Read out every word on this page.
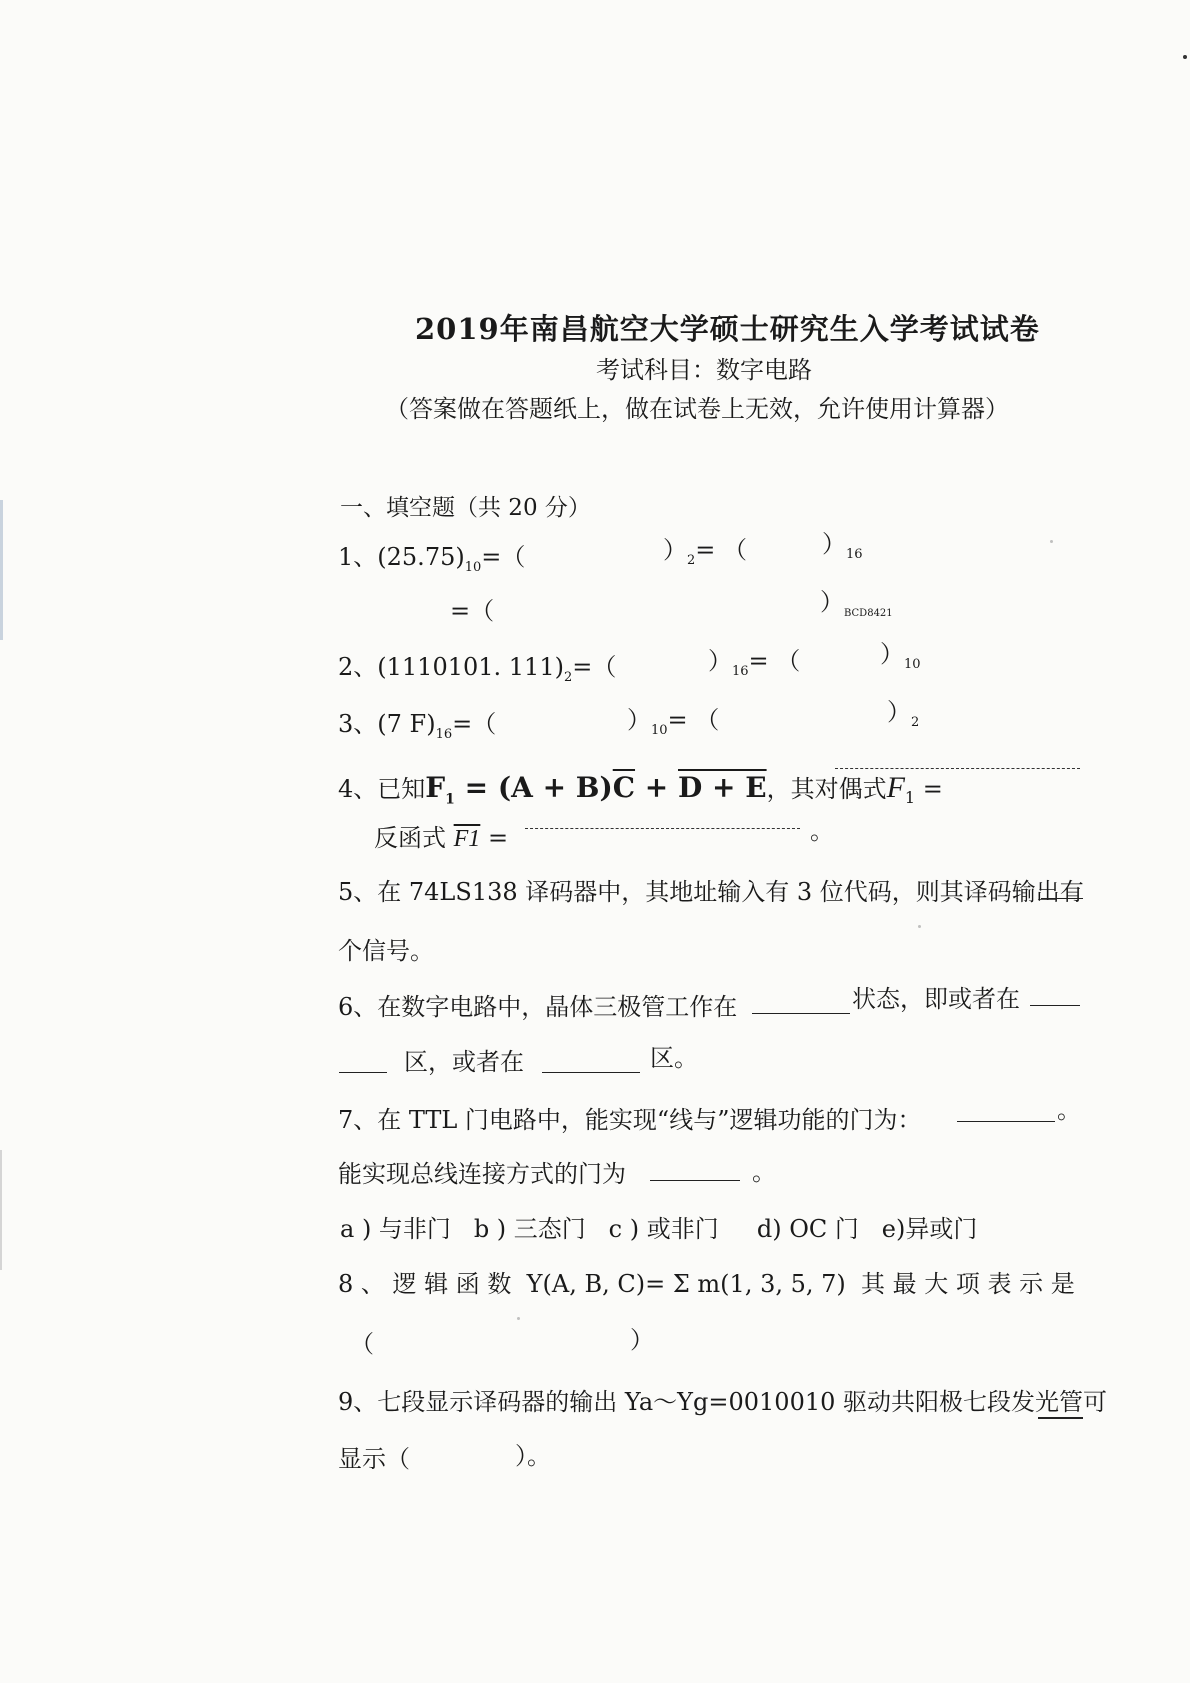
2019年南昌航空大学硕士研究生入学考试试卷
考试科目：数字电路
（答案做在答题纸上，做在试卷上无效，允许使用计算器）
一、填空题（共 20 分）
1、$(25.75)_{10}=$（	）$_2=$ （	）$_{16}$
=（	）$_{BCD8421}$
2、(1110101. $111)_2=$（	）$_{16}=$ （	）$_{10}$
3、(7 $F)_{16}=$（	）$_{10}=$ （	）$_2$
4、已知$F_1 = (A + B)\overline{C} + D + E$，其对偶式$F_1$ =
反函式 F1 =	。
5、在 74LS138 译码器中，其地址输入有 3 位代码，则其译码输出有
个信号。
6、在数字电路中，晶体三极管工作在	状态，即或者在
区，或者在	区。
7、在 TTL 门电路中，能实现“线与”逻辑功能的门为：	。
能实现总线连接方式的门为	。
a ) 与非门   b ) 三态门   c ) 或非门     d) OC 门   e)异或门
8 、 逻 辑 函 数  Y(A, B, C)= Σ m(1, 3, 5, 7)  其 最 大 项 表 示 是
（	）
9、七段显示译码器的输出 Ya～Yg=0010010 驱动共阳极七段发光管可
显示（	）。
